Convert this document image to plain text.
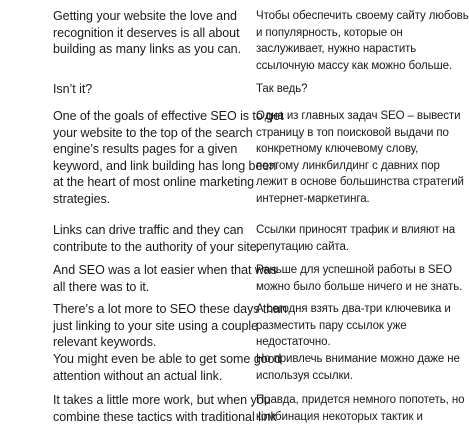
Getting your website the love and
recognition it deserves is all about
building as many links as you can.
Isn’t it?
One of the goals of effective SEO is to get
your website to the top of the search
engine’s results pages for a given
keyword, and link building has long been
at the heart of most online marketing
strategies.
Links can drive traffic and they can
contribute to the authority of your site.
And SEO was a lot easier when that was
all there was to it.
There’s a lot more to SEO these days than
just linking to your site using a couple
relevant keywords.
You might even be able to get some good
attention without an actual link.
It takes a little more work, but when you
combine these tactics with traditional link
Чтобы обеспечить своему сайту любовь
и популярность, которые он
заслуживает, нужно нарастить
ссылочную массу как можно больше.
Так ведь?
Одна из главных задач SEO – вывести
страницу в топ поисковой выдачи по
конкретному ключевому слову,
поэтому линкбилдинг с давних пор
лежит в основе большинства стратегий
интернет-маркетинга.
Ссылки приносят трафик и влияют на
репутацию сайта.
Раньше для успешной работы в SEO
можно было больше ничего и не знать.
А сегодня взять два-три ключевика и
разместить пару ссылок уже
недостаточно.
Но привлечь внимание можно даже не
используя ссылки.
Правда, придется немного попотеть, но
комбинация некоторых тактик и
